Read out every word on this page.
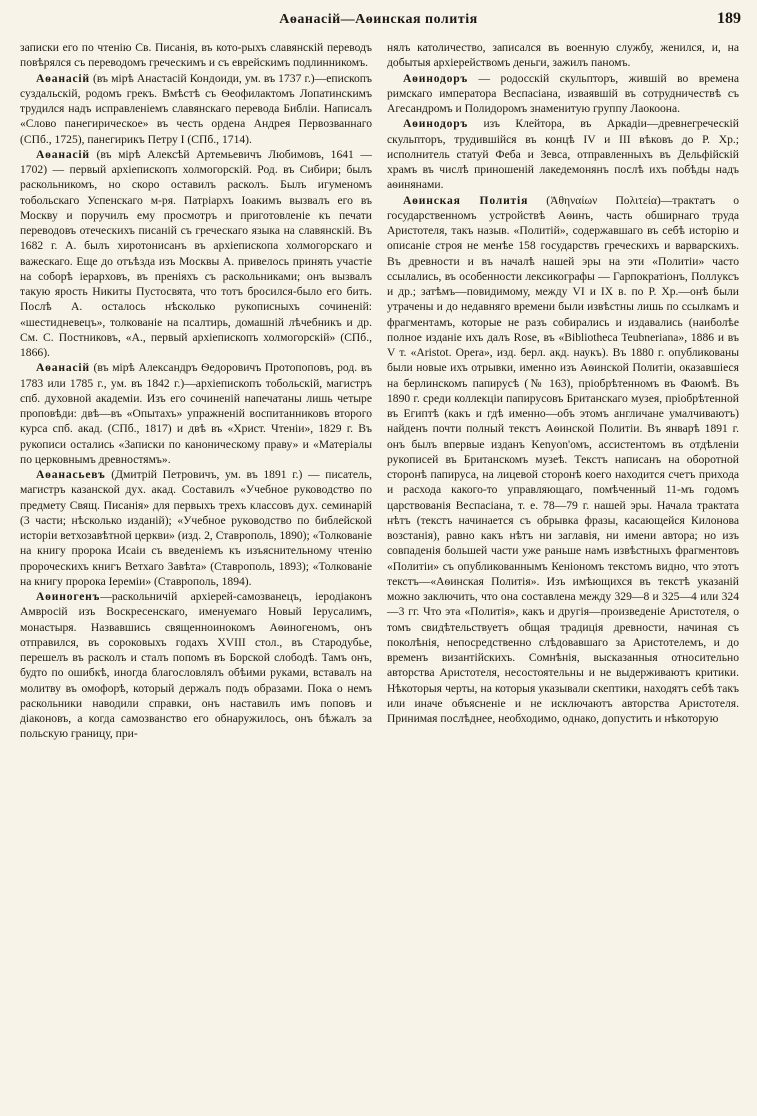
Аѳанасій—Аѳинская политія	189

записки его по чтенію Св. Писанія, въ кото-рыхъ славянскій переводъ повѣрялся съ переводомъ греческимъ и съ еврейскимъ подлинникомъ.

Аѳанасій (въ мірѣ Анастасій Кондоиди, ум. въ 1737 г.)—епископъ суздальскій, родомъ грекъ. Вмѣстѣ съ Ѳеофилактомъ Лопатинскимъ трудился надъ исправленіемъ славянскаго перевода Библіи. Написалъ «Слово панегирическое» въ честь ордена Андрея Первозваннаго (СПб., 1725), панегирикъ Петру I (СПб., 1714).

Аѳанасій (въ мірѣ Алексѣй Артемьевичъ Любимовъ, 1641 — 1702) — первый архіепископъ холмогорскій. Род. въ Сибири; былъ раскольникомъ, но скоро оставилъ расколъ. Былъ игуменомъ тобольскаго Успенскаго м-ря. Патріархъ Іоакимъ вызвалъ его въ Москву и поручилъ ему просмотръ и приготовленіе къ печати переводовъ отеческихъ писаній съ греческаго языка на славянскій. Въ 1682 г. А. былъ хиротонисанъ въ архіепископа холмогорскаго и важескаго. Еще до отъѣзда изъ Москвы А. привелось принять участіе на соборѣ іерарховъ, въ преніяхъ съ раскольниками; онъ вызвалъ такую ярость Никиты Пустосвята, что тотъ бросился-было его бить. Послѣ А. осталось нѣсколько рукописныхъ сочиненій: «шестидневецъ», толкованіе на псалтирь, домашній лѣчебникъ и др. См. С. Постниковъ, «А., первый архіепископъ холмогорскій» (СПб., 1866).

Аѳанасій (въ мірѣ Александръ Ѳедоровичъ Протопоповъ, род. въ 1783 или 1785 г., ум. въ 1842 г.)—архіепископъ тобольскій, магистръ спб. духовной академіи. Изъ его сочиненій напечатаны лишь четыре проповѣди: двѣ—въ «Опытахъ» упражненій воспитанниковъ второго курса спб. акад. (СПб., 1817) и двѣ въ «Христ. Чтеніи», 1829 г. Въ рукописи остались «Записки по каноническому праву» и «Матеріалы по церковнымъ древностямъ».

Аѳанасьевъ (Дмитрій Петровичъ, ум. въ 1891 г.) — писатель, магистръ казанской дух. акад. Составилъ «Учебное руководство по предмету Свящ. Писанія» для первыхъ трехъ классовъ дух. семинарій (3 части; нѣсколько изданій); «Учебное руководство по библейской исторіи ветхозавѣтной церкви» (изд. 2, Ставрополь, 1890); «Толкованіе на книгу пророка Исаіи съ введеніемъ къ изъяснительному чтенію пророческихъ книгъ Ветхаго Завѣта» (Ставрополь, 1893); «Толкованіе на книгу пророка Іереміи» (Ставрополь, 1894).

Аѳиногенъ—раскольничій архіерей-самозванецъ, іеродіаконъ Амвросій изъ Воскресенскаго, именуемаго Новый Іерусалимъ, монастыря. Назвавшись священноинокомъ Аѳиногеномъ, онъ отправился, въ сороковыхъ годахъ XVIII стол., въ Стародубье, перешелъ въ расколъ и сталъ попомъ въ Борской слободѣ. Тамъ онъ, будто по ошибкѣ, иногда благословлялъ обѣими руками, вставалъ на молитву въ омофорѣ, который держалъ подъ образами. Пока о немъ раскольники наводили справки, онъ наставилъ имъ поповъ и діаконовъ, а когда самозванство его обнаружилось, онъ бѣжалъ за польскую границу, при-

нялъ католичество, записался въ военную службу, женился, и, на добытыя архіерействомъ деньги, зажилъ паномъ.

Аѳинодоръ — родосскій скульпторъ, жившій во времена римскаго императора Веспасіана, изваявшій въ сотрудничествѣ съ Агесандромъ и Полидоромъ знаменитую группу Лаокоона.

Аѳинодоръ изъ Клейтора, въ Аркадіи—древнегреческій скульпторъ, трудившійся въ концѣ IV и III вѣковъ до Р. Хр.; исполнитель статуй Феба и Зевса, отправленныхъ въ Дельфійскій храмъ въ числѣ приношеній лакедемонянъ послѣ ихъ побѣды надъ аѳинянами.

Аѳинская Политія (Ἀθηναίων Πολιτεία)—трактатъ о государственномъ устройствѣ Аѳинъ, часть обширнаго труда Аристотеля, такъ назыв. «Политій», содержавшаго въ себѣ исторію и описаніе строя не менѣе 158 государствъ греческихъ и варварскихъ. Въ древности и въ началѣ нашей эры на эти «Политіи» часто ссылались, въ особенности лексикографы — Гарпократіонъ, Поллуксъ и др.; затѣмъ—повидимому, между VI и IX в. по Р. Хр.—онѣ были утрачены и до недавняго времени были извѣстны лишь по ссылкамъ и фрагментамъ, которые не разъ собирались и издавались (наиболѣе полное изданіе ихъ далъ Rose, въ «Bibliotheca Teubneriana», 1886 и въ V т. «Aristot. Opera», изд. берл. акд. наукъ). Въ 1880 г. опубликованы были новые ихъ отрывки, именно изъ Аѳинской Политіи, оказавшіеся на берлинскомъ папирусѣ (№ 163), пріобрѣтенномъ въ Фаюмѣ. Въ 1890 г. среди коллекціи папирусовъ Британскаго музея, пріобрѣтенной въ Египтѣ (какъ и гдѣ именно—объ этомъ англичане умалчиваютъ) найденъ почти полный текстъ Аѳинской Политіи. Въ январѣ 1891 г. онъ былъ впервые изданъ Kenyon'омъ, ассистентомъ въ отдѣленіи рукописей въ Британскомъ музеѣ. Текстъ написанъ на оборотной сторонѣ папируса, на лицевой сторонѣ коего находится счетъ прихода и расхода какого-то управляющаго, помѣченный 11-мъ годомъ царствованія Веспасіана, т. е. 78—79 г. нашей эры. Начала трактата нѣтъ (текстъ начинается съ обрывка фразы, касающейся Килонова возстанія), равно какъ нѣтъ ни заглавія, ни имени автора; но изъ совпаденія большей части уже раньше намъ извѣстныхъ фрагментовъ «Политіи» съ опубликованнымъ Кеніономъ текстомъ видно, что этотъ текстъ—«Аѳинская Политія». Изъ имѣющихся въ текстѣ указаній можно заключить, что она составлена между 329—8 и 325—4 или 324—3 гг. Что эта «Политія», какъ и другія—произведеніе Аристотеля, о томъ свидѣтельствуетъ общая традиція древности, начиная съ поколѣнія, непосредственно слѣдовавшаго за Аристотелемъ, и до временъ византійскихъ. Сомнѣнія, высказанныя относительно авторства Аристотеля, несостоятельны и не выдерживаютъ критики. Нѣкоторыя черты, на которыя указывали скептики, находятъ себѣ такъ или иначе объясненіе и не исключаютъ авторства Аристотеля. Принимая послѣднее, необходимо, однако, допустить и нѣкоторую
